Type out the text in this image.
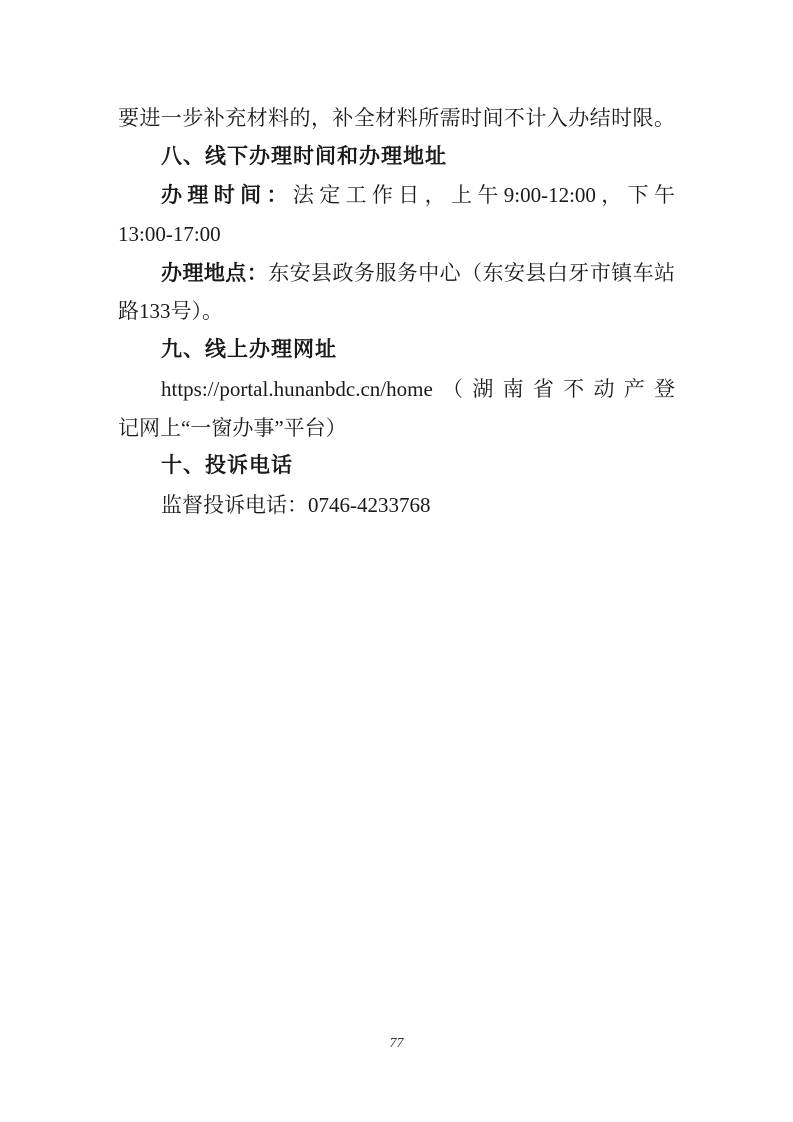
要进一步补充材料的，补全材料所需时间不计入办结时限。
八、线下办理时间和办理地址
办理时间：法定工作日，上午9:00-12:00，下午
13:00-17:00
办理地点：东安县政务服务中心（东安县白牙市镇车站
路133号）。
九、线上办理网址
https://portal.hunanbdc.cn/home（湖南省不动产登
记网上“一窗办事”平台）
十、投诉电话
监督投诉电话：0746-4233768
77
